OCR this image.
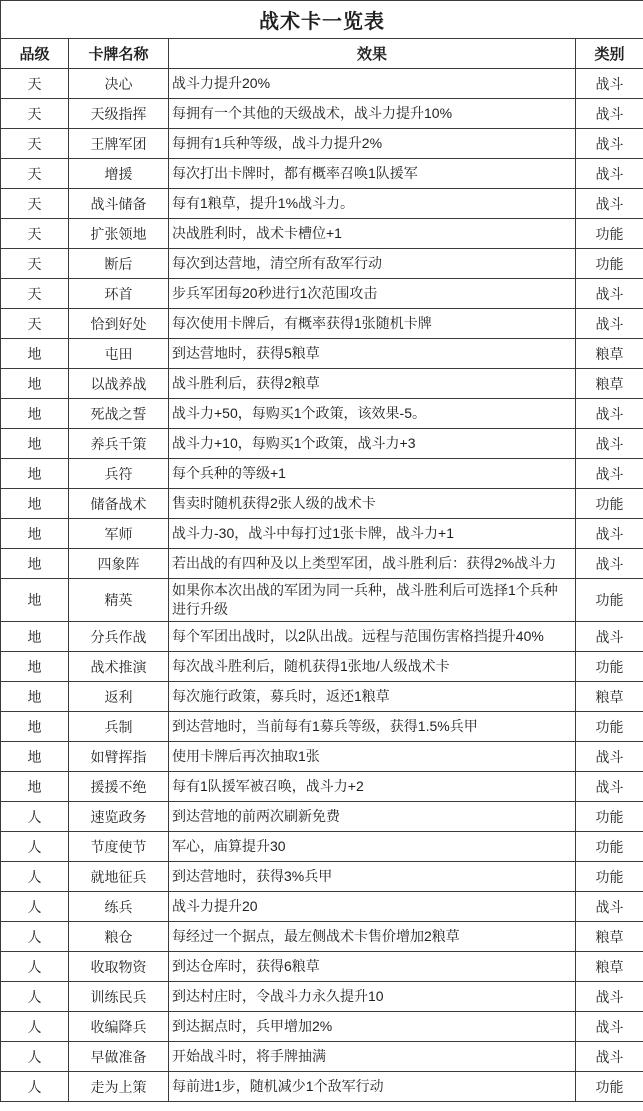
战术卡一览表			
品级	卡牌名称	效果	类别
天	决心	战斗力提升20%	战斗
天	天级指挥	每拥有一个其他的天级战术，战斗力提升10%	战斗
天	王牌军团	每拥有1兵种等级，战斗力提升2%	战斗
天	增援	每次打出卡牌时，都有概率召唤1队援军	战斗
天	战斗储备	每有1粮草，提升1%战斗力。	战斗
天	扩张领地	决战胜利时，战术卡槽位+1	功能
天	断后	每次到达营地，清空所有敌军行动	功能
天	环首	步兵军团每20秒进行1次范围攻击	战斗
天	恰到好处	每次使用卡牌后，有概率获得1张随机卡牌	战斗
地	屯田	到达营地时，获得5粮草	粮草
地	以战养战	战斗胜利后，获得2粮草	粮草
地	死战之誓	战斗力+50，每购买1个政策，该效果-5。	战斗
地	养兵千策	战斗力+10，每购买1个政策，战斗力+3	战斗
地	兵符	每个兵种的等级+1	战斗
地	储备战术	售卖时随机获得2张人级的战术卡	功能
地	军师	战斗力-30，战斗中每打过1张卡牌，战斗力+1	战斗
地	四象阵	若出战的有四种及以上类型军团，战斗胜利后：获得2%战斗力	战斗
地	精英	如果你本次出战的军团为同一兵种，战斗胜利后可选择1个兵种进行升级	功能
地	分兵作战	每个军团出战时，以2队出战。远程与范围伤害格挡提升40%	战斗
地	战术推演	每次战斗胜利后，随机获得1张地/人级战术卡	功能
地	返利	每次施行政策，募兵时，返还1粮草	粮草
地	兵制	到达营地时，当前每有1募兵等级，获得1.5%兵甲	功能
地	如臂挥指	使用卡牌后再次抽取1张	战斗
地	援援不绝	每有1队援军被召唤，战斗力+2	战斗
人	速览政务	到达营地的前两次刷新免费	功能
人	节度使节	军心，庙算提升30	功能
人	就地征兵	到达营地时，获得3%兵甲	功能
人	练兵	战斗力提升20	战斗
人	粮仓	每经过一个据点，最左侧战术卡售价增加2粮草	粮草
人	收取物资	到达仓库时，获得6粮草	粮草
人	训练民兵	到达村庄时，令战斗力永久提升10	战斗
人	收编降兵	到达据点时，兵甲增加2%	战斗
人	早做准备	开始战斗时，将手牌抽满	战斗
人	走为上策	每前进1步，随机减少1个敌军行动	功能
